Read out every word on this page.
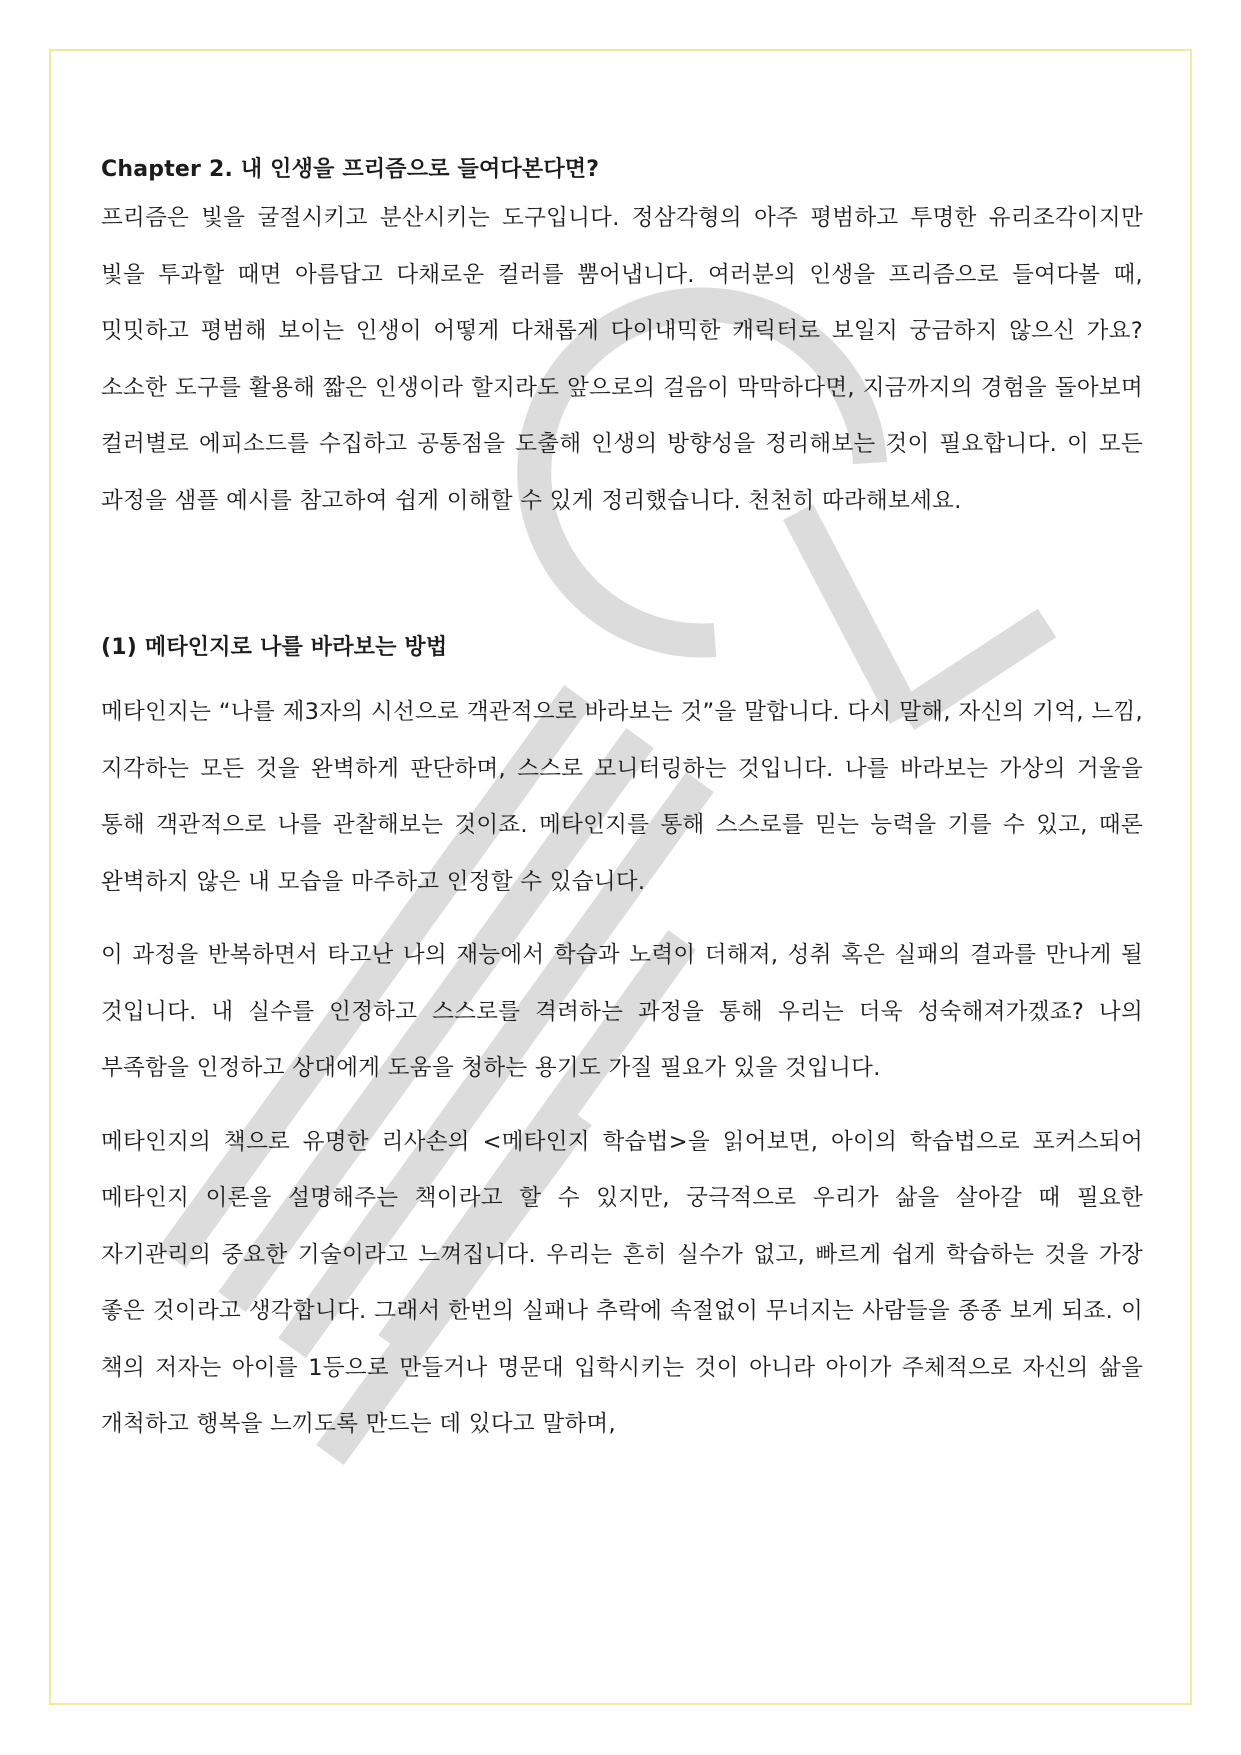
Chapter 2. 내 인생을 프리즘으로 들여다본다면?

프리즘은 빛을 굴절시키고 분산시키는 도구입니다. 정삼각형의 아주 평범하고 투명한 유리조각이지만 빛을 투과할 때면 아름답고 다채로운 컬러를 뿜어냅니다. 여러분의 인생을 프리즘으로 들여다볼 때, 밋밋하고 평범해 보이는 인생이 어떻게 다채롭게 다이내믹한 캐릭터로 보일지 궁금하지 않으신 가요? 소소한 도구를 활용해 짧은 인생이라 할지라도 앞으로의 걸음이 막막하다면, 지금까지의 경험을 돌아보며 컬러별로 에피소드를 수집하고 공통점을 도출해 인생의 방향성을 정리해보는 것이 필요합니다. 이 모든 과정을 샘플 예시를 참고하여 쉽게 이해할 수 있게 정리했습니다. 천천히 따라해보세요.

(1) 메타인지로 나를 바라보는 방법

메타인지는 “나를 제3자의 시선으로 객관적으로 바라보는 것”을 말합니다. 다시 말해, 자신의 기억, 느낌, 지각하는 모든 것을 완벽하게 판단하며, 스스로 모니터링하는 것입니다. 나를 바라보는 가상의 거울을 통해 객관적으로 나를 관찰해보는 것이죠. 메타인지를 통해 스스로를 믿는 능력을 기를 수 있고, 때론 완벽하지 않은 내 모습을 마주하고 인정할 수 있습니다.

이 과정을 반복하면서 타고난 나의 재능에서 학습과 노력이 더해져, 성취 혹은 실패의 결과를 만나게 될 것입니다. 내 실수를 인정하고 스스로를 격려하는 과정을 통해 우리는 더욱 성숙해져가겠죠? 나의 부족함을 인정하고 상대에게 도움을 청하는 용기도 가질 필요가 있을 것입니다.

메타인지의 책으로 유명한 리사손의 <메타인지 학습법>을 읽어보면, 아이의 학습법으로 포커스되어 메타인지 이론을 설명해주는 책이라고 할 수 있지만, 궁극적으로 우리가 삶을 살아갈 때 필요한 자기관리의 중요한 기술이라고 느껴집니다. 우리는 흔히 실수가 없고, 빠르게 쉽게 학습하는 것을 가장 좋은 것이라고 생각합니다. 그래서 한번의 실패나 추락에 속절없이 무너지는 사람들을 종종 보게 되죠. 이 책의 저자는 아이를 1등으로 만들거나 명문대 입학시키는 것이 아니라 아이가 주체적으로 자신의 삶을 개척하고 행복을 느끼도록 만드는 데 있다고 말하며,
